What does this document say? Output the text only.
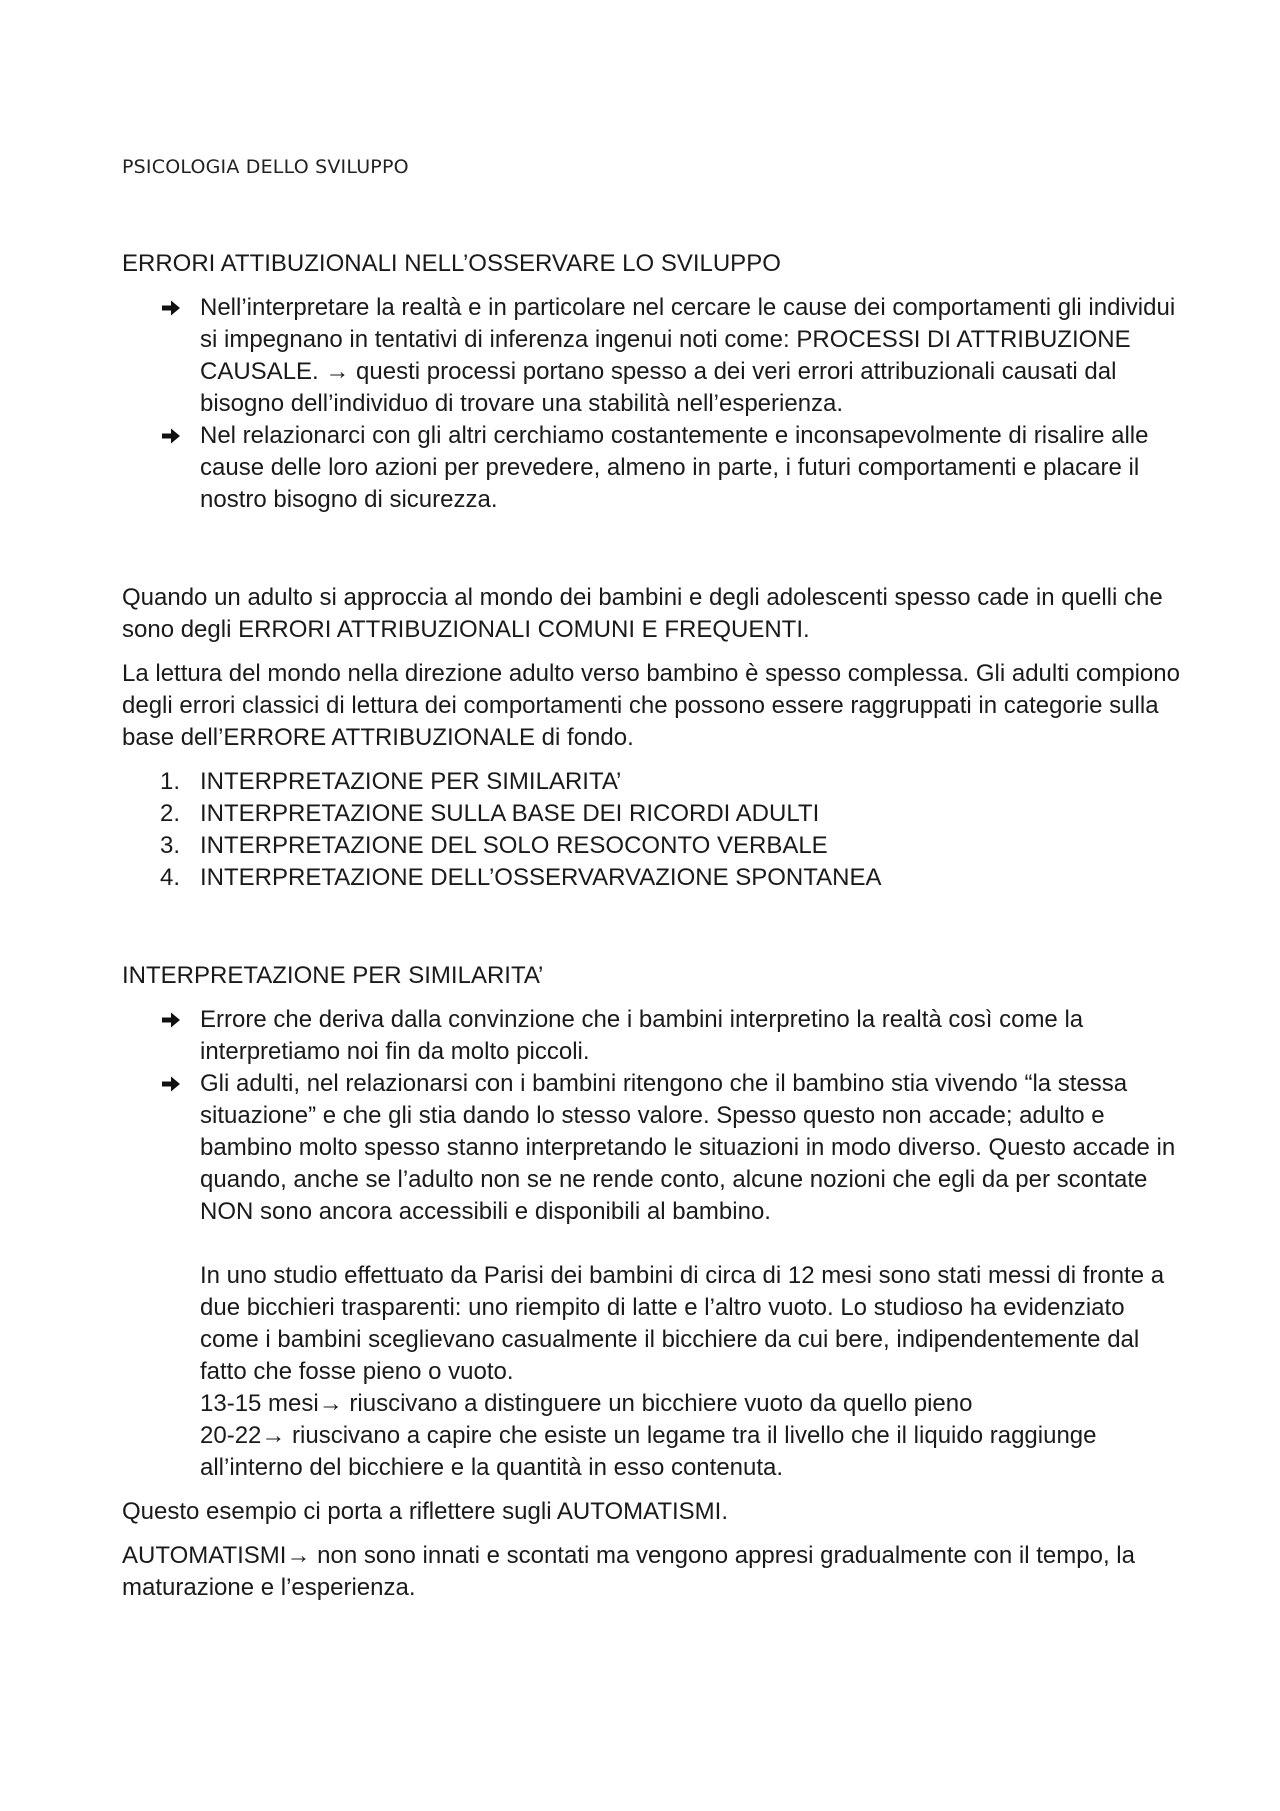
PSICOLOGIA DELLO SVILUPPO

ERRORI ATTIBUZIONALI NELL’OSSERVARE LO SVILUPPO

Nell’interpretare la realtà e in particolare nel cercare le cause dei comportamenti gli individui si impegnano in tentativi di inferenza ingenui noti come: PROCESSI DI ATTRIBUZIONE CAUSALE. → questi processi portano spesso a dei veri errori attribuzionali causati dal bisogno dell’individuo di trovare una stabilità nell’esperienza.
Nel relazionarci con gli altri cerchiamo costantemente e inconsapevolmente di risalire alle cause delle loro azioni per prevedere, almeno in parte, i futuri comportamenti e placare il nostro bisogno di sicurezza.

Quando un adulto si approccia al mondo dei bambini e degli adolescenti spesso cade in quelli che sono degli ERRORI ATTRIBUZIONALI COMUNI E FREQUENTI.

La lettura del mondo nella direzione adulto verso bambino è spesso complessa. Gli adulti compiono degli errori classici di lettura dei comportamenti che possono essere raggruppati in categorie sulla base dell’ERRORE ATTRIBUZIONALE di fondo.

1. INTERPRETAZIONE PER SIMILARITA’
2. INTERPRETAZIONE SULLA BASE DEI RICORDI ADULTI
3. INTERPRETAZIONE DEL SOLO RESOCONTO VERBALE
4. INTERPRETAZIONE DELL’OSSERVARVAZIONE SPONTANEA

INTERPRETAZIONE PER SIMILARITA’

Errore che deriva dalla convinzione che i bambini interpretino la realtà così come la interpretiamo noi fin da molto piccoli.
Gli adulti, nel relazionarsi con i bambini ritengono che il bambino stia vivendo “la stessa situazione” e che gli stia dando lo stesso valore. Spesso questo non accade; adulto e bambino molto spesso stanno interpretando le situazioni in modo diverso. Questo accade in quando, anche se l’adulto non se ne rende conto, alcune nozioni che egli da per scontate NON sono ancora accessibili e disponibili al bambino.

In uno studio effettuato da Parisi dei bambini di circa di 12 mesi sono stati messi di fronte a due bicchieri trasparenti: uno riempito di latte e l’altro vuoto. Lo studioso ha evidenziato come i bambini sceglievano casualmente il bicchiere da cui bere, indipendentemente dal fatto che fosse pieno o vuoto.

13-15 mesi→ riuscivano a distinguere un bicchiere vuoto da quello pieno

20-22→ riuscivano a capire che esiste un legame tra il livello che il liquido raggiunge all’interno del bicchiere e la quantità in esso contenuta.

Questo esempio ci porta a riflettere sugli AUTOMATISMI.

AUTOMATISMI→ non sono innati e scontati ma vengono appresi gradualmente con il tempo, la maturazione e l’esperienza.
